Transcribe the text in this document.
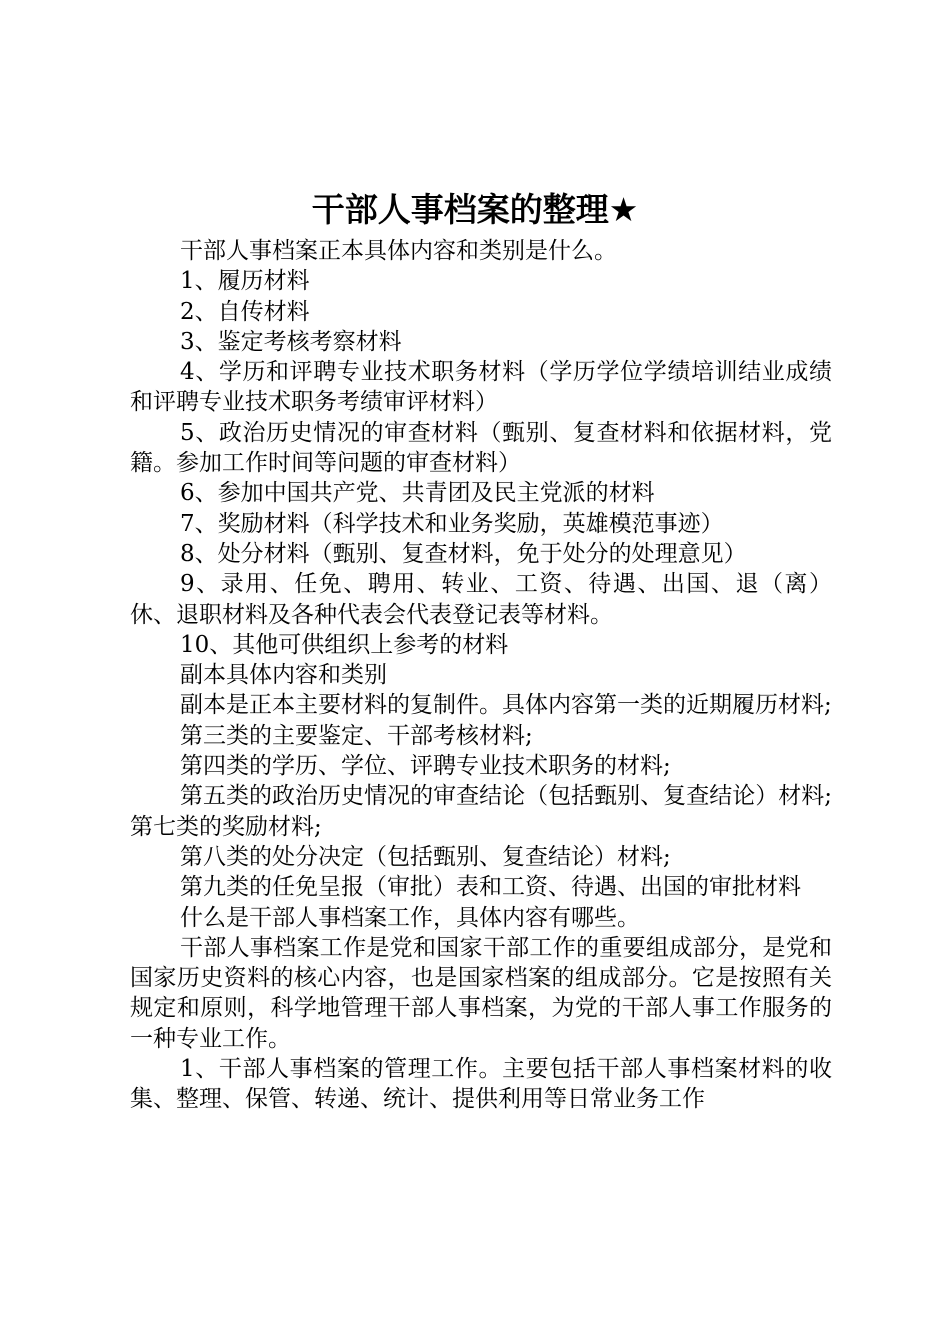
干部人事档案的整理★

干部人事档案正本具体内容和类别是什么。

1、履历材料

2、自传材料

3、鉴定考核考察材料

4、学历和评聘专业技术职务材料（学历学位学绩培训结业成绩和评聘专业技术职务考绩审评材料）

5、政治历史情况的审查材料（甄别、复查材料和依据材料，党籍。参加工作时间等问题的审查材料）

6、参加中国共产党、共青团及民主党派的材料

7、奖励材料（科学技术和业务奖励，英雄模范事迹）

8、处分材料（甄别、复查材料，免于处分的处理意见）

9、录用、任免、聘用、转业、工资、待遇、出国、退（离）休、退职材料及各种代表会代表登记表等材料。

10、其他可供组织上参考的材料

副本具体内容和类别

副本是正本主要材料的复制件。具体内容第一类的近期履历材料;

第三类的主要鉴定、干部考核材料;

第四类的学历、学位、评聘专业技术职务的材料;

第五类的政治历史情况的审查结论（包括甄别、复查结论）材料;第七类的奖励材料;

第八类的处分决定（包括甄别、复查结论）材料;

第九类的任免呈报（审批）表和工资、待遇、出国的审批材料

什么是干部人事档案工作，具体内容有哪些。

干部人事档案工作是党和国家干部工作的重要组成部分，是党和国家历史资料的核心内容，也是国家档案的组成部分。它是按照有关规定和原则，科学地管理干部人事档案，为党的干部人事工作服务的一种专业工作。

1、干部人事档案的管理工作。主要包括干部人事档案材料的收集、整理、保管、转递、统计、提供利用等日常业务工作
